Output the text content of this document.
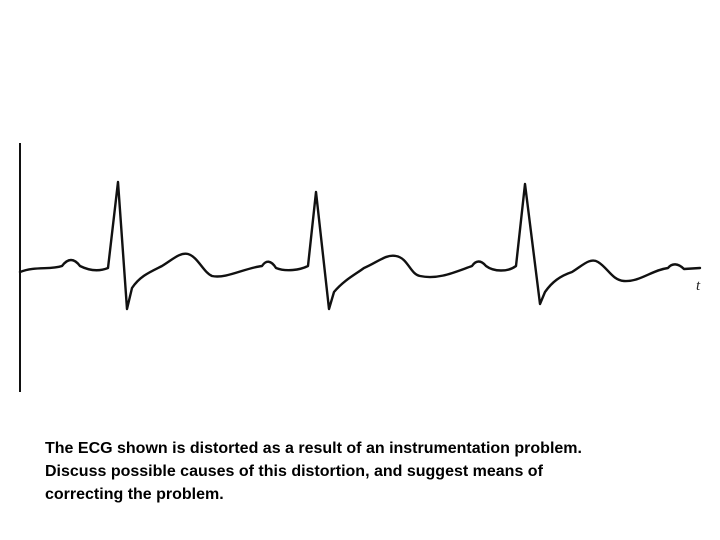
t
The ECG shown is distorted as a result of an instrumentation problem.
Discuss possible causes of this distortion, and suggest means of
correcting the problem.
